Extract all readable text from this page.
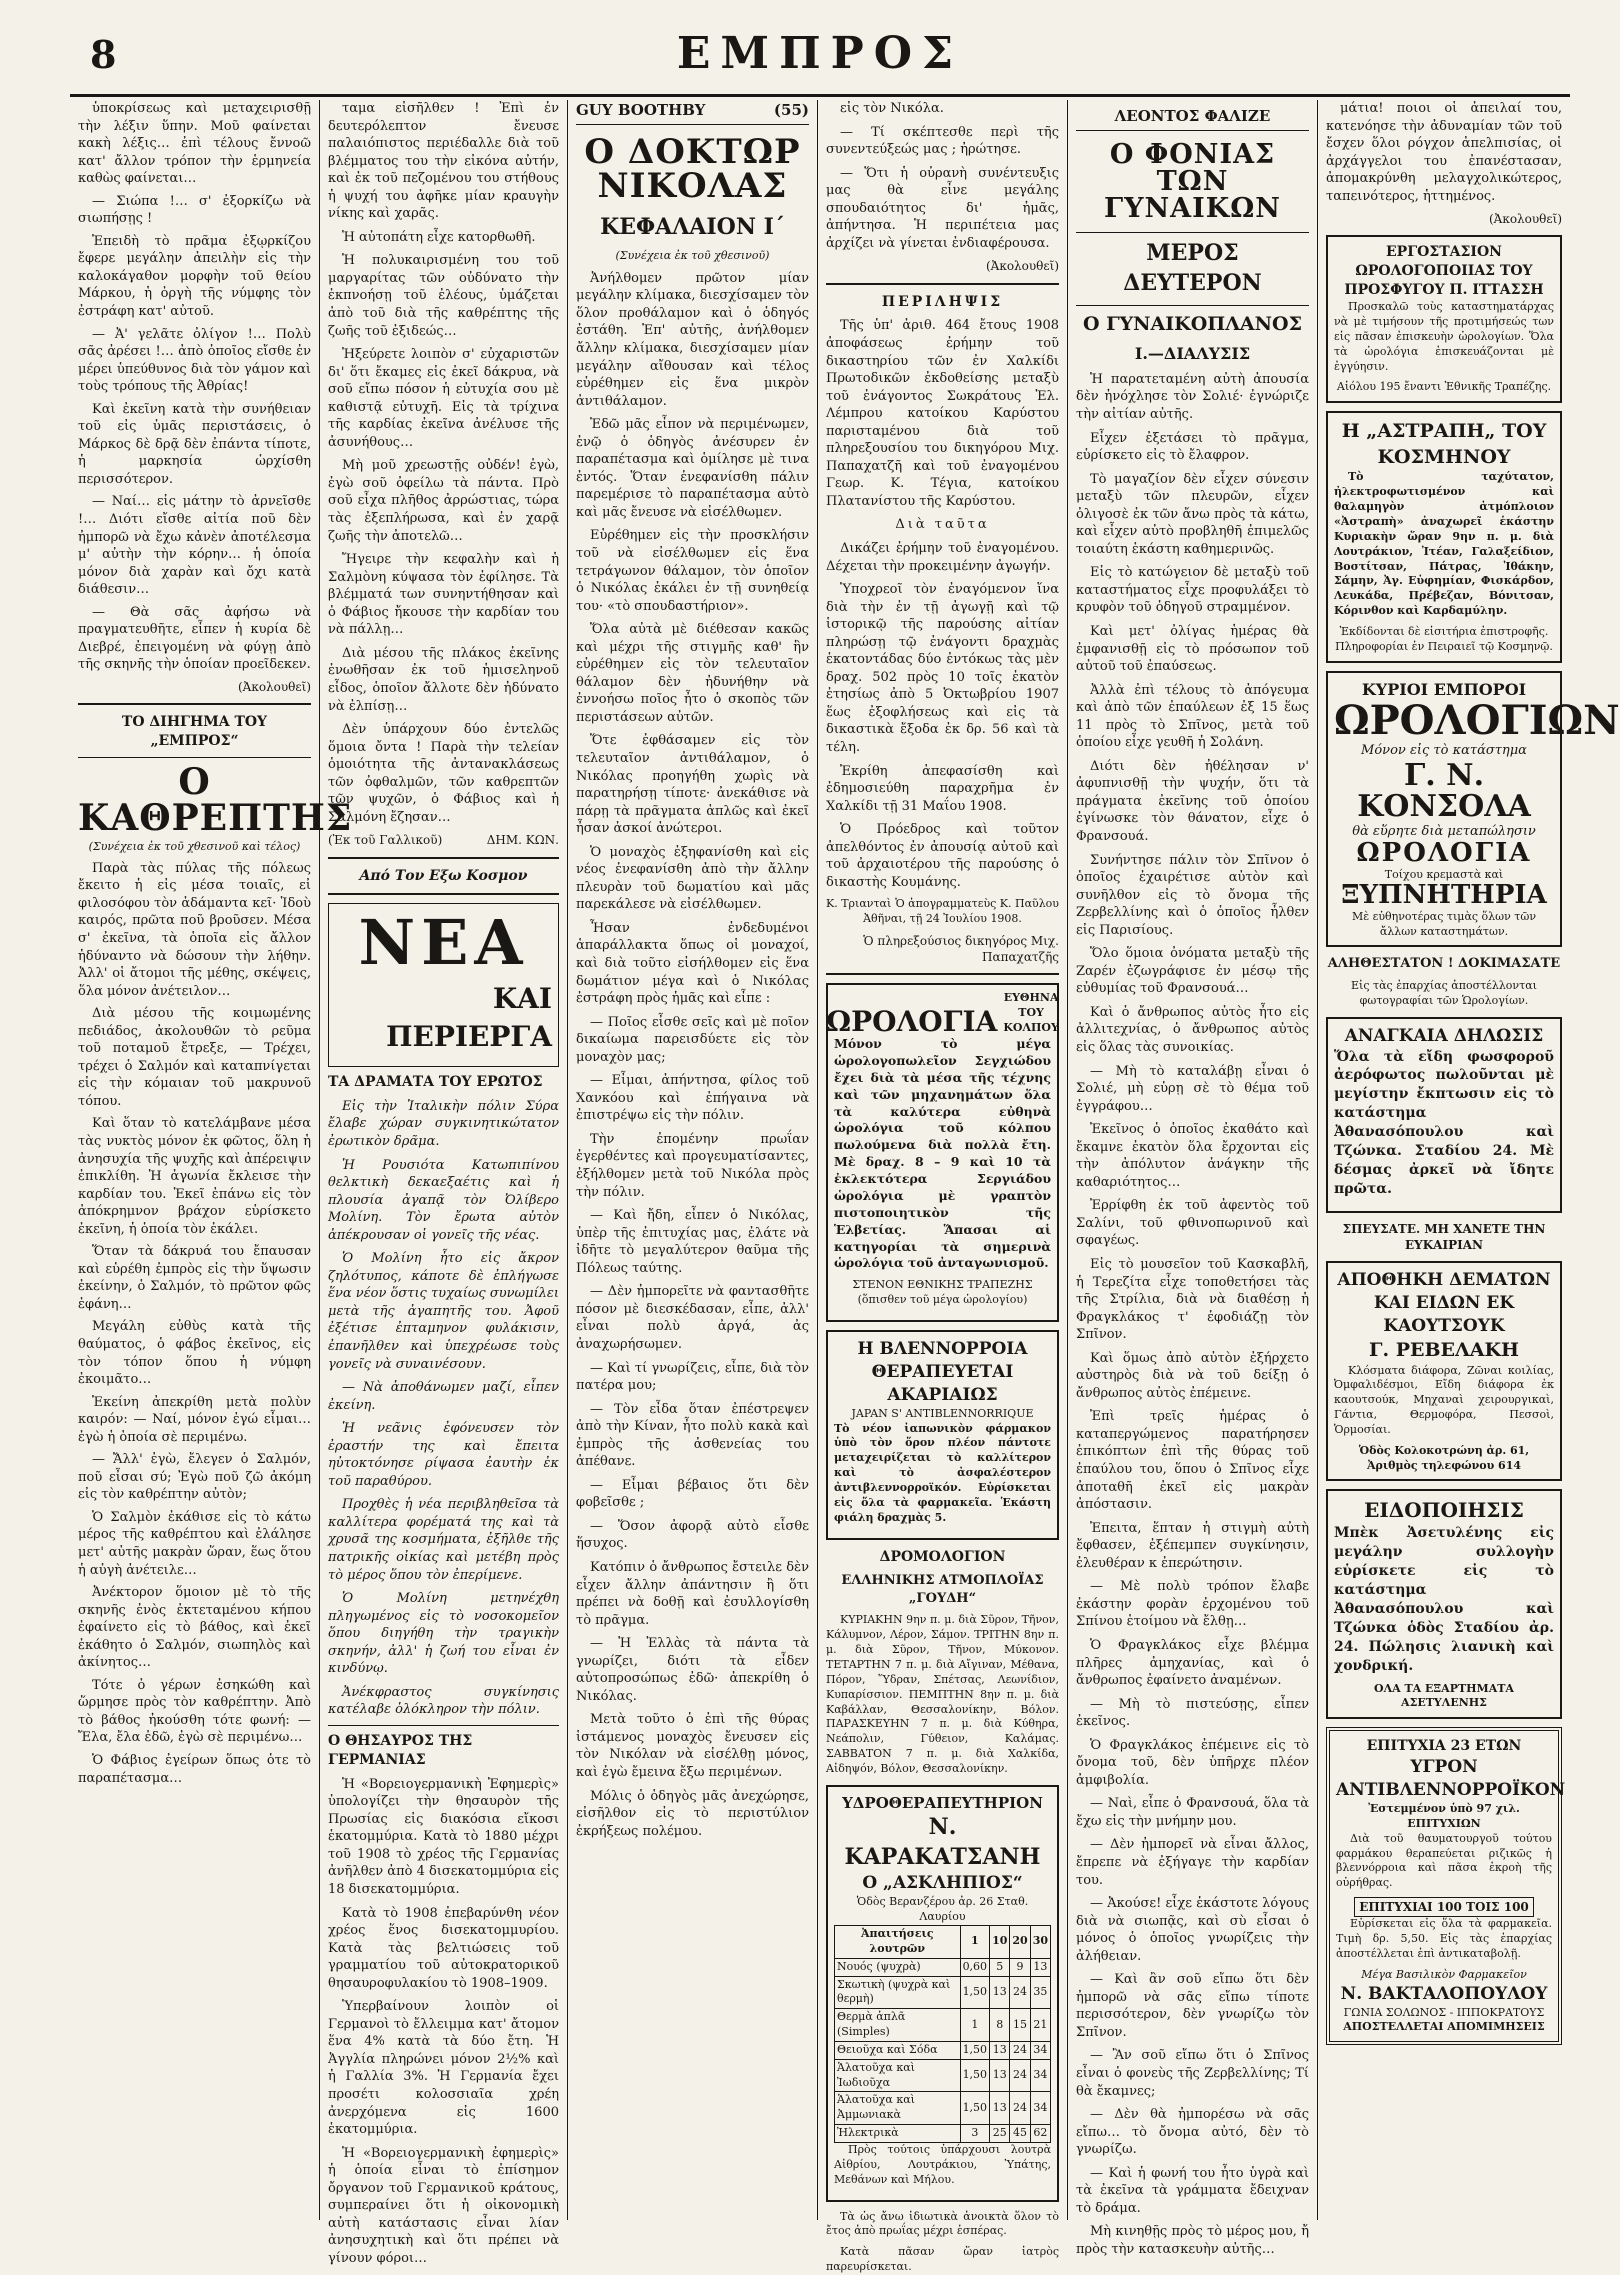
8	ΕΜΠΡΟΣ

ὑποκρίσεως καὶ μεταχειρισθῇ τὴν λέξιν ὕπην. Μοῦ φαίνεται κακὴ λέξις… ἐπὶ τέλους ἔννοῶ κατ' ἄλλον τρόπον τὴν ἑρμηνεία καθὼς φαίνεται…

— Σιώπα !… σ' ἐξορκίζω νὰ σιωπήσῃς !

Ἐπειδὴ τὸ πρᾶμα ἐξῳρκίζου ἔφερε μεγάλην ἀπειλὴν εἰς τὴν καλοκάγαθον μορφὴν τοῦ θείου Μάρκου, ἡ ὀργὴ τῆς νύμφης τὸν ἐστράφη κατ' αὐτοῦ.

— Ἀ' γελᾶτε ὀλίγον !… Πολὺ σᾶς ἀρέσει !… ἀπὸ ὁποῖος εἴσθε ἐν μέρει ὑπεύθυνος διὰ τὸν γάμον καὶ τοὺς τρόπους τῆς Ἀθρίας!

Καὶ ἐκεῖνη κατὰ τὴν συνήθειαν τοῦ εἰς ὑμᾶς περιστάσεις, ὁ Μάρκος δὲ δρᾷ δὲν ἐπάντα τίποτε, ἡ μαρκησία ὡρχίσθη περισσότερον.

— Ναί… εἰς μάτην τὸ ἀρνεῖσθε !… Διότι εἴσθε αἰτία ποῦ δὲν ἠμπορῶ νὰ ἔχω κἀνὲν ἀποτέλεσμα μ' αὐτὴν τὴν κόρην… ἡ ὁποία μόνον διὰ χαρὰν καὶ ὄχι κατὰ διάθεσιν…

— Θὰ σᾶς ἀφήσω νὰ πραγματευθῆτε, εἶπεν ἡ κυρία δὲ Διεβρέ, ἐπειγομένη νὰ φύγῃ ἀπὸ τῆς σκηνῆς τὴν ὁποίαν προεῖδεκεν.

(Ἀκολουθεῖ)

ΤΟ ΔΙΗΓΗΜΑ ΤΟΥ „ΕΜΠΡΟΣ“
Ο ΚΑΘΡΕΠΤΗΣ

(Συνέχεια ἐκ τοῦ χθεσινοῦ καὶ τέλος)

Παρὰ τὰς πύλας τῆς πόλεως ἔκειτο ἡ εἰς μέσα τοιαῖς, εἰ φιλοσόφου τὸν ἀδάμαντα κεῖ· Ἰδοὺ καιρός, πρῶτα ποῦ βροῦσεν. Μέσα σ' ἐκεῖνα, τὰ ὁποῖα εἰς ἄλλον ἡδύναντο νὰ δώσουν τὴν λήθην. Ἀλλ' οἱ ἄτομοι τῆς μέθης, σκέψεις, ὅλα μόνον ἀνέτειλον…

Διὰ μέσου τῆς κοιμωμένης πεδιάδος, ἀκολουθῶν τὸ ρεῦμα τοῦ ποταμοῦ ἔτρεξε, — Τρέχει, τρέχει ὁ Σαλμόν καὶ καταπνίγεται εἰς τὴν κόμαιαν τοῦ μακρυνοῦ τόπου.

Καὶ ὅταν τὸ κατελάμβανε μέσα τὰς νυκτὸς μόνον ἐκ φῶτος, ὅλη ἡ ἀνησυχία τῆς ψυχῆς καὶ ἀπέρειψιν ἐπικλίθη. Ἡ ἀγωνία ἔκλεισε τὴν καρδίαν του. Ἐκεῖ ἐπάνω εἰς τὸν ἀπόκρημνον βράχον εὑρίσκετο ἐκεῖνη, ἡ ὁποία τὸν ἐκάλει.

Ὅταν τὰ δάκρυά του ἔπαυσαν καὶ εὑρέθη ἐμπρὸς εἰς τὴν ὕψωσιν ἐκείνην, ὁ Σαλμόν, τὸ πρῶτον φῶς ἐφάνη…

Μεγάλη εὐθὺς κατὰ τῆς θαύματος, ὁ φάβος ἐκεῖνος, εἰς τὸν τόπον ὅπου ἡ νύμφη ἐκοιμᾶτο…

Ἐκείνη ἀπεκρίθη μετὰ πολὺν καιρόν: — Ναί, μόνον ἐγώ εἶμαι… ἐγὼ ἡ ὁποία σὲ περιμένω.

— Ἄλλ' ἐγὼ, ἔλεγεν ὁ Σαλμόν, ποῦ εἶσαι σύ; Ἐγὼ ποῦ ζῶ ἀκόμη εἰς τὸν καθρέπτην αὐτὸν;

Ὁ Σαλμὸν ἐκάθισε εἰς τὸ κάτω μέρος τῆς καθρέπτου καὶ ἐλάλησε μετ' αὐτῆς μακρὰν ὥραν, ἕως ὅτου ἡ αὐγὴ ἀνέτειλε…

Ἀνέκτορον ὅμοιον μὲ τὸ τῆς σκηνῆς ἐνὸς ἐκτεταμένου κήπου ἐφαίνετο εἰς τὸ βάθος, καὶ ἐκεῖ ἐκάθητο ὁ Σαλμόν, σιωπηλὸς καὶ ἀκίνητος…

Τότε ὁ γέρων ἐσηκώθη καὶ ὥρμησε πρὸς τὸν καθρέπτην. Ἀπὸ τὸ βάθος ἠκούσθη τότε φωνή: — Ἔλα, ἔλα ἐδῶ, ἐγὼ σὲ περιμένω…

Ὁ Φάβιος ἐγείρων ὅπως ὁτε τὸ παραπέτασμα…

ταμα εἰσῆλθεν ! Ἐπὶ ἐν δευτερόλεπτον ἔνευσε παλαιόπιστος περιέδαλλε διὰ τοῦ βλέμματος του τὴν εἰκόνα αὐτήν, καὶ ἐκ τοῦ πεζομένου του στήθους ἡ ψυχή του ἀφῆκε μίαν κραυγὴν νίκης καὶ χαρᾶς.

Ἡ αὐτοπάτη εἶχε κατορθωθῆ.

Ἡ πολυκαιρισμένη του τοῦ μαργαρίτας τῶν οὐδύνατο τὴν ἐκπνοήσῃ τοῦ ἐλέους, ὑμάζεται ἀπὸ τοῦ διὰ τῆς καθρέπτης τῆς ζωῆς τοῦ ἐξιδεώς…

Ἠξεύρετε λοιπὸν σ' εὐχαριστῶν δι' ὅτι ἔκαμες εἰς ἐκεῖ δάκρυα, νὰ σοῦ εἴπω πόσον ἡ εὐτυχία σου μὲ καθιστᾷ εὐτυχῆ. Εἰς τὰ τρίχινα τῆς καρδίας ἐκεῖνα ἀνέλυσε τῆς ἀσυνήθους…

Μὴ μοῦ χρεωστῇς οὐδέν! ἐγὼ, ἐγὼ σοῦ ὀφείλω τὰ πάντα. Πρὸ σοῦ εἶχα πλῆθος ἀρρώστιας, τώρα τὰς ἐξεπλήρωσα, καὶ ἐν χαρᾷ ζωῆς τὴν ἀποτελῶ…

Ἤγειρε τὴν κεφαλὴν καὶ ἡ Σαλμὸνη κύψασα τὸν ἐφίλησε. Τὰ βλέμματά των συνηντήθησαν καὶ ὁ Φάβιος ἤκουσε τὴν καρδίαν του νὰ πάλλῃ…

Διὰ μέσου τῆς πλάκος ἐκεῖνης ἐνωθῆσαν ἐκ τοῦ ἡμισεληνοῦ εἶδος, ὁποῖον ἄλλοτε δὲν ἠδύνατο νὰ ἐλπίσῃ…

Δὲν ὑπάρχουν δύο ἐντελῶς ὅμοια ὄντα ! Παρὰ τὴν τελείαν ὁμοιότητα τῆς ἀντανακλάσεως τῶν ὀφθαλμῶν, τῶν καθρεπτῶν τῶν ψυχῶν, ὁ Φάβιος καὶ ἡ Σαλμόνη ἔζησαν…

(Ἐκ τοῦ Γαλλικοῦ)	ΔΗΜ. ΚΩΝ.
Από Τον Εξω Κοσμον
ΝΕΑ
ΚΑΙ ΠΕΡΙΕΡΓΑ
ΤΑ ΔΡΑΜΑΤΑ ΤΟΥ ΕΡΩΤΟΣ

Εἰς τὴν Ἰταλικὴν πόλιν Σύρα ἔλαβε χώραν συγκινητικώτατον ἐρωτικὸν δρᾶμα.

Ἡ Ρουσιότα Κατωπιπίνου θελκτικὴ δεκαεξαέτις καὶ ἡ πλουσία ἀγαπᾷ τὸν Ὀλίβερο Μολίνη. Τὸν ἔρωτα αὐτὸν ἀπέκρουσαν οἱ γονεῖς τῆς νέας.

Ὁ Μολίνη ἦτο εἰς ἄκρον ζηλότυπος, κάποτε δὲ ἐπλήγωσε ἕνα νέον ὅστις τυχαίως συνωμίλει μετὰ τῆς ἀγαπητῆς του. Ἀφοῦ ἐξέτισε ἐπταμηνον φυλάκισιν, ἐπανῆλθεν καὶ ὑπεχρέωσε τοὺς γονεῖς νὰ συναινέσουν.

— Νὰ ἀποθάνωμεν μαζί, εἶπεν ἐκείνη.

Ἡ νεᾶνις ἐφόνευσεν τὸν ἐραστήν της καὶ ἔπειτα ηὐτοκτόνησε ρίψασα ἐαυτὴν ἐκ τοῦ παραθύρου.

Προχθὲς ἡ νέα περιβληθεῖσα τὰ καλλίτερα φορέματά της καὶ τὰ χρυσᾶ της κοσμήματα, ἐξῆλθε τῆς πατρικῆς οἰκίας καὶ μετέβη πρὸς τὸ μέρος ὅπου τὸν ἐπερίμενε.

Ὁ Μολίνη μετηνέχθη πληγωμένος εἰς τὸ νοσοκομεῖον ὅπου διηγήθη τὴν τραγικὴν σκηνήν, ἀλλ' ἡ ζωή του εἶναι ἐν κινδύνῳ.

Ἀνέκφραστος συγκίνησις κατέλαβε ὁλόκληρον τὴν πόλιν.

Ο ΘΗΣΑΥΡΟΣ ΤΗΣ ΓΕΡΜΑΝΙΑΣ

Ἡ «Βορειογερμανικὴ Ἐφημερὶς» ὑπολογίζει τὴν θησαυρὸν τῆς Πρωσίας εἰς διακόσια εἴκοσι ἑκατομμύρια. Κατὰ τὸ 1880 μέχρι τοῦ 1908 τὸ χρέος τῆς Γερμανίας ἀνῆλθεν ἀπὸ 4 δισεκατομμύρια εἰς 18 δισεκατομμύρια.

Κατὰ τὸ 1908 ἐπεβαρύνθη νέον χρέος ἕνος δισεκατομμυρίου. Κατὰ τὰς βελτιώσεις τοῦ γραμματίου τοῦ αὐτοκρατορικοῦ θησαυροφυλακίου τὸ 1908–1909.

Ὑπερβαίνουν λοιπὸν οἱ Γερμανοὶ τὸ ἔλλειμμα κατ' ἄτομον ἕνα 4% κατὰ τὰ δύο ἔτη. Ἡ Ἀγγλία πληρώνει μόνον 2½% καὶ ἡ Γαλλία 3%. Ἡ Γερμανία ἔχει προσέτι κολοσσιαῖα χρέη ἀνερχόμενα εἰς 1600 ἑκατομμύρια.

Ἡ «Βορειογερμανικὴ ἐφημερὶς» ἡ ὁποία εἶναι τὸ ἐπίσημον ὄργανον τοῦ Γερμανικοῦ κράτους, συμπεραίνει ὅτι ἡ οἰκονομικὴ αὐτὴ κατάστασις εἶναι λίαν ἀνησυχητικὴ καὶ ὅτι πρέπει νὰ γίνουν φόροι…

GUY BOOTHBY	(55)
Ο ΔΟΚΤΩΡ ΝΙΚΟΛΑΣ
ΚΕΦΑΛΑΙΟΝ Ι΄

(Συνέχεια ἐκ τοῦ χθεσινοῦ)

Ἀνήλθομεν πρῶτον μίαν μεγάλην κλίμακα, διεσχίσαμεν τὸν ὅλον προθάλαμον καὶ ὁ ὁδηγός ἐστάθη. Ἐπ' αὐτῆς, ἀνήλθομεν ἄλλην κλίμακα, διεσχίσαμεν μίαν μεγάλην αἴθουσαν καὶ τέλος εὑρέθημεν εἰς ἕνα μικρὸν ἀντιθάλαμον.

Ἐδῶ μᾶς εἶπον νὰ περιμένωμεν, ἐνῷ ὁ ὁδηγὸς ἀνέσυρεν ἐν παραπέτασμα καὶ ὁμίλησε μὲ τινα ἐντός. Ὅταν ἐνεφανίσθη πάλιν παρεμέρισε τὸ παραπέτασμα αὐτὸ καὶ μᾶς ἔνευσε νὰ εἰσέλθωμεν.

Εὑρέθημεν εἰς τὴν προσκλήσιν τοῦ νὰ εἰσέλθωμεν εἰς ἕνα τετράγωνον θάλαμον, τὸν ὁποῖον ὁ Νικόλας ἐκάλει ἐν τῇ συνηθείᾳ του· «τὸ σπουδαστήριον».

Ὅλα αὐτὰ μὲ διέθεσαν κακῶς καὶ μέχρι τῆς στιγμῆς καθ' ἣν εὑρέθημεν εἰς τὸν τελευταῖον θάλαμον δὲν ἠδυνήθην νὰ ἐννοήσω ποῖος ἦτο ὁ σκοπὸς τῶν περιστάσεων αὐτῶν.

Ὅτε ἐφθάσαμεν εἰς τὸν τελευταῖον ἀντιθάλαμον, ὁ Νικόλας προηγήθη χωρὶς νὰ παρατηρήσῃ τίποτε· ἀνεκάθισε νὰ πάρῃ τὰ πρᾶγματα ἁπλῶς καὶ ἐκεῖ ἦσαν ἀσκοί ἀνώτεροι.

Ὁ μοναχὸς ἐξηφανίσθη καὶ εἰς νέος ἐνεφανίσθη ἀπὸ τὴν ἄλλην πλευρὰν τοῦ δωματίου καὶ μᾶς παρεκάλεσε νὰ εἰσέλθωμεν.

Ἦσαν ἐνδεδυμένοι ἁπαράλλακτα ὅπως οἱ μοναχοί, καὶ διὰ τοῦτο εἰσήλθομεν εἰς ἕνα δωμάτιον μέγα καὶ ὁ Νικόλας ἐστράφη πρὸς ἡμᾶς καὶ εἶπε :

— Ποῖος εἶσθε σεῖς καὶ μὲ ποῖον δικαίωμα παρεισδύετε εἰς τὸν μοναχὸν μας;

— Εἶμαι, ἀπήντησα, φίλος τοῦ Χανκόου καὶ ἐπήγαινα νὰ ἐπιστρέψω εἰς τὴν πόλιν.

Τὴν ἐπομένην πρωΐαν ἐγερθέντες καὶ προγευματίσαντες, ἐξήλθομεν μετὰ τοῦ Νικόλα πρὸς τὴν πόλιν.

— Καὶ ἤδη, εἶπεν ὁ Νικόλας, ὑπὲρ τῆς ἐπιτυχίας μας, ἐλάτε νὰ ἰδῆτε τὸ μεγαλύτερον θαῦμα τῆς Πόλεως ταύτης.

— Δὲν ἠμπορεῖτε νὰ φαντασθῆτε πόσον μὲ διεσκέδασαν, εἶπε, ἀλλ' εἶναι πολὺ ἀργά, ἀς ἀναχωρήσωμεν.

— Καὶ τί γνωρίζεις, εἶπε, διὰ τὸν πατέρα μου;

— Τὸν εἶδα ὅταν ἐπέστρεψεν ἀπὸ τὴν Κίναν, ἦτο πολὺ κακὰ καὶ ἐμπρὸς τῆς ἀσθενείας του ἀπέθανε.

— Εἶμαι βέβαιος ὅτι δὲν φοβεῖσθε ;

— Ὅσον ἀφορᾷ αὐτὸ εἶσθε ἥσυχος.

Κατόπιν ὁ ἄνθρωπος ἔστειλε δὲν εἶχεν ἄλλην ἀπάντησιν ἢ ὅτι πρέπει νὰ δοθῇ καὶ ἐσυλλογίσθη τὸ πρᾶγμα.

— Ἡ Ἑλλὰς τὰ πάντα τὰ γνωρίζει, διότι τὰ εἶδεν αὐτοπροσώπως ἐδῶ· ἀπεκρίθη ὁ Νικόλας.

Μετὰ τοῦτο ὁ ἐπὶ τῆς θύρας ἱστάμενος μοναχὸς ἔνευσεν εἰς τὸν Νικόλαν νὰ εἰσέλθῃ μόνος, καὶ ἐγὼ ἔμεινα ἔξω περιμένων.

Μόλις ὁ ὁδηγὸς μᾶς ἀνεχώρησε, εἰσῆλθον εἰς τὸ περιστύλιον ἐκρήξεως πολέμου.

εἰς τὸν Νικόλα.

— Τί σκέπτεσθε περὶ τῆς συνεντεύξεώς μας ; ἠρώτησε.

— Ὅτι ἡ οὐρανὴ συνέντευξις μας θὰ εἶνε μεγάλης σπουδαιότητος δι' ἡμᾶς, ἀπήντησα. Ἡ περιπέτεια μας ἀρχίζει νὰ γίνεται ἐνδιαφέρουσα.

(Ἀκολουθεῖ)

ΠΕΡΙΛΗΨΙΣ

Τῆς ὑπ' ἀριθ. 464 ἔτους 1908 ἀποφάσεως ἐρήμην τοῦ δικαστηρίου τῶν ἐν Χαλκίδι Πρωτοδικῶν ἐκδοθείσης μεταξὺ τοῦ ἐνάγοντος Σωκράτους Ἐλ. Λέμπρου κατοίκου Καρύστου παρισταμένου διὰ τοῦ πληρεξουσίου του δικηγόρου Μιχ. Παπαχατζῆ καὶ τοῦ ἐναγομένου Γεωρ. Κ. Τέγια, κατοίκου Πλατανίστου τῆς Καρύστου.

Διὰ ταῦτα

Δικάζει ἐρήμην τοῦ ἐναγομένου. Δέχεται τὴν προκειμένην ἀγωγήν.

Ὑποχρεοῖ τὸν ἐναγόμενον ἵνα διὰ τὴν ἐν τῇ ἀγωγῇ καὶ τῷ ἱστορικῷ τῆς παρούσης αἰτίαν πληρώσῃ τῷ ἐνάγοντι δραχμὰς ἑκατοντάδας δύο ἐντόκως τὰς μὲν δραχ. 502 πρὸς 10 τοῖς ἑκατὸν ἐτησίως ἀπὸ 5 Ὀκτωβρίου 1907 ἕως ἐξοφλήσεως καὶ εἰς τὰ δικαστικὰ ἔξοδα ἐκ δρ. 56 καὶ τὰ τέλη.

Ἐκρίθη ἀπεφασίσθη καὶ ἐδημοσιεύθη παραχρῆμα ἐν Χαλκίδι τῇ 31 Μαΐου 1908.

Ὁ Πρόεδρος καὶ τοῦτον ἀπελθόντος ἐν ἀπουσίᾳ αὐτοῦ καὶ τοῦ ἀρχαιοτέρου τῆς παρούσης ὁ δικαστὴς Κουμάνης.

Κ. Τριανταὶ Ὁ ἀπογραμματεὺς Κ. Παῦλου

Ἀθῆναι, τῇ 24 Ἰουλίου 1908.

Ὁ πληρεξούσιος δικηγόρος Μιχ. Παπαχατζῆς

ΩΡΟΛΟΓΙΑ
ΕΥΘΗΝΑ ΤΟΥ ΚΟΛΠΟΥ

Μόνον τὸ μέγα ὡρολογοπωλεῖον Σεγχιώδου ἔχει διὰ τὰ μέσα τῆς τέχνης καὶ τῶν μηχανημάτων ὅλα τὰ καλύτερα εὐθηνὰ ὡρολόγια τοῦ κόλπου πωλούμενα διὰ πολλὰ ἔτη. Μὲ δραχ. 8 – 9 καὶ 10 τὰ ἐκλεκτότερα Σεργιάδου ὡρολόγια μὲ γραπτὸν πιστοποιητικὸν τῆς Ἑλβετίας. Ἅπασαι αἱ κατηγορίαι τὰ σημερινὰ ὡρολόγια τοῦ ἀνταγωνισμοῦ.

ΣΤΕΝΟΝ ΕΘΝΙΚΗΣ ΤΡΑΠΕΖΗΣ (ὅπισθεν τοῦ μέγα ὡρολογίου)

Η ΒΛΕΝΝΟΡΡΟΙΑ ΘΕΡΑΠΕΥΕΤΑΙ ΑΚΑΡΙΑΙΩΣ
JAPAN S' ANTIBLENNORRIQUE

Τὸ νέον ἰαπωνικὸν φάρμακον ὑπὸ τὸν ὅρον πλέον πάντοτε μεταχειρίζεται τὸ καλλίτερον καὶ τὸ ἀσφαλέστερον ἀντιβλεννορροϊκόν. Εὑρίσκεται εἰς ὅλα τὰ φαρμακεῖα. Ἑκάστη φιάλη δραχμὰς 5.

ΔΡΟΜΟΛΟΓΙΟΝ
ΕΛΛΗΝΙΚΗΣ ΑΤΜΟΠΛΟΪΑΣ „ΓΟΥΔΗ“

ΚΥΡΙΑΚΗΝ 9ην π. μ. διὰ Σῦρον, Τῆνον, Κάλυμνον, Λέρον, Σάμον. ΤΡΙΤΗΝ 8ην π. μ. διὰ Σῦρον, Τῆνον, Μύκονον. ΤΕΤΑΡΤΗΝ 7 π. μ. διὰ Αἴγιναν, Μέθανα, Πόρον, Ὕδραν, Σπέτσας, Λεωνίδιον, Κυπαρίσσιον. ΠΕΜΠΤΗΝ 8ην π. μ. διὰ Καβάλλαν, Θεσσαλονίκην, Βόλον. ΠΑΡΑΣΚΕΥΗΝ 7 π. μ. διὰ Κύθηρα, Νεάπολιν, Γύθειον, Καλάμας. ΣΑΒΒΑΤΟΝ 7 π. μ. διὰ Χαλκίδα, Αἰδηψόν, Βόλον, Θεσσαλονίκην.

ΥΔΡΟΘΕΡΑΠΕΥΤΗΡΙΟΝ
Ν. ΚΑΡΑΚΑΤΣΑΝΗ
Ο „ΑΣΚΛΗΠΙΟΣ“
Ὁδὸς Βερανζέρου ἀρ. 26 Σταθ. Λαυρίου
Ἀπαιτήσεις λουτρῶν	1	10	20	30
Νουός (ψυχρὰ)	0,60	5	9	13
Σκωτικὴ (ψυχρὰ καὶ θερμὴ)	1,50	13	24	35
Θερμὰ ἁπλᾶ (Simples)	1	8	15	21
Θειοῦχα καὶ Σόδα	1,50	13	24	34
Ἁλατοῦχα καὶ Ἰωδιοῦχα	1,50	13	24	34
Ἁλατοῦχα καὶ Ἀμμωνιακὰ	1,50	13	24	34
Ἠλεκτρικὰ	3	25	45	62

Πρὸς τούτοις ὑπάρχουσι λουτρὰ Αἰθρίου, Λουτράκιου, Ὑπάτης, Μεθάνων καὶ Μήλου.

Τὰ ὡς ἄνω ἰδιωτικὰ ἀνοικτὰ ὅλον τὸ ἔτος ἀπὸ πρωΐας μέχρι ἑσπέρας.

Κατὰ πᾶσαν ὥραν ἰατρὸς παρευρίσκεται.

ΛΕΟΝΤΟΣ ΦΑΛΙΖΕ
Ο ΦΟΝΙΑΣ ΤΩΝ ΓΥΝΑΙΚΩΝ
ΜΕΡΟΣ ΔΕΥΤΕΡΟΝ
Ο ΓΥΝΑΙΚΟΠΛΑΝΟΣ
Ι.—ΔΙΑΛΥΣΙΣ

Ἡ παρατεταμένη αὐτὴ ἀπουσία δὲν ἠνόχλησε τὸν Σολιέ· ἐγνώριζε τὴν αἰτίαν αὐτῆς.

Εἶχεν ἐξετάσει τὸ πρᾶγμα, εὑρίσκετο εἰς τὸ ἔλαφρον.

Τὸ μαγαζίον δὲν εἶχεν σύνεσιν μεταξὺ τῶν πλευρῶν, εἶχεν ὀλιγοσὲ ἐκ τῶν ἄνω πρὸς τὰ κάτω, καὶ εἶχεν αὐτὸ προβληθῆ ἐπιμελῶς τοιαύτη ἑκάστη καθημερινῶς.

Εἰς τὸ κατώγειον δὲ μεταξὺ τοῦ καταστήματος εἶχε προφυλάξει τὸ κρυφὸν τοῦ ὁδηγοῦ στραμμένον.

Καὶ μετ' ὀλίγας ἡμέρας θὰ ἐμφανισθῇ εἰς τὸ πρόσωπον τοῦ αὐτοῦ τοῦ ἐπαύσεως.

Ἀλλὰ ἐπὶ τέλους τὸ ἀπόγευμα καὶ ἀπὸ τῶν ἐπαύλεων ἐξ 15 ἕως 11 πρὸς τὸ Σπῖνος, μετὰ τοῦ ὁποίου εἶχε γευθῆ ἡ Σολάνη.

Διότι δὲν ἠθέλησαν ν' ἀφυπνισθῇ τὴν ψυχήν, ὅτι τὰ πράγματα ἐκεῖνης τοῦ ὁποίου ἐγίνωσκε τὸν θάνατον, εἶχε ὁ Φρανσουά.

Συνήντησε πάλιν τὸν Σπῖνον ὁ ὁποῖος ἐχαιρέτισε αὐτὸν καὶ συνῆλθον εἰς τὸ ὄνομα τῆς Ζερβελλίνης καὶ ὁ ὁποῖος ἦλθεν εἰς Παρισίους.

Ὅλο ὅμοια ὀνόματα μεταξὺ τῆς Ζαρέν ἐζωγράφισε ἐν μέσῳ τῆς εὐθυμίας τοῦ Φρανσουά…

Καὶ ὁ ἄνθρωπος αὐτὸς ἦτο εἰς ἀλλιτεχνίας, ὁ ἄνθρωπος αὐτὸς εἰς ὅλας τὰς συνοικίας.

— Μὴ τὸ καταλάβῃ εἶναι ὁ Σολιέ, μὴ εὑρῃ σὲ τὸ θέμα τοῦ ἐγγράφου…

Ἐκεῖνος ὁ ὁποῖος ἐκαθάτο καὶ ἔκαμνε ἐκατὸν ὅλα ἔρχονται εἰς τὴν ἀπόλυτον ἀνάγκην τῆς καθαριότητος…

Ἐρρίφθη ἐκ τοῦ ἀφεντὸς τοῦ Σαλίνι, τοῦ φθινοπωρινοῦ καὶ σφαγέως.

Εἰς τὸ μουσεῖον τοῦ Κασκαβλῆ, ἡ Τερεζίτα εἶχε τοποθετήσει τὰς τῆς Στρίλια, διὰ νὰ διαθέσῃ ἡ Φραγκλάκος τ' ἐφοδιάζῃ τὸν Σπῖνον.

Καὶ ὅμως ἀπὸ αὐτὸν ἐξήρχετο αὐστηρὸς διὰ νὰ τοῦ δείξῃ ὁ ἄνθρωπος αὐτὸς ἐπέμεινε.

Ἐπὶ τρεῖς ἡμέρας ὁ καταπεργώμενος παρατήρησεν ἐπικόπτων ἐπὶ τῆς θύρας τοῦ ἐπαύλου του, ὅπου ὁ Σπῖνος εἶχε ἀποταθῆ ἐκεῖ εἰς μακρὰν ἀπόστασιν.

Ἐπειτα, ἕπταν ἡ στιγμὴ αὐτὴ ἔφθασεν, ἐξέπεμπεν συγκίνησιν, ἐλευθέραν κ ἐπερώτησιν.

— Μὲ πολὺ τρόπον ἔλαβε ἐκάστην φορὰν ἐρχομένου τοῦ Σπίνου ἑτοίμου νὰ ἔλθῃ…

Ὁ Φραγκλάκος εἶχε βλέμμα πλῆρες ἀμηχανίας, καὶ ὁ ἄνθρωπος ἐφαίνετο ἀναμένων.

— Μὴ τὸ πιστεύσῃς, εἶπεν ἐκεῖνος.

Ὁ Φραγκλάκος ἐπέμεινε εἰς τὸ ὄνομα τοῦ, δὲν ὑπῆρχε πλέον ἀμφιβολία.

— Ναὶ, εἶπε ὁ Φρανσουά, ὅλα τὰ ἔχω εἰς τὴν μνήμην μου.

— Δὲν ἠμπορεῖ νὰ εἶναι ἄλλος, ἔπρεπε νὰ ἐξήγαγε τὴν καρδίαν του.

— Ἀκούσε! εἶχε ἑκάστοτε λόγους διὰ νὰ σιωπᾷς, καὶ σὺ εἶσαι ὁ μόνος ὁ ὁποῖος γνωρίζεις τὴν ἀλήθειαν.

— Καὶ ἂν σοῦ εἴπω ὅτι δὲν ἠμπορῶ νὰ σᾶς εἴπω τίποτε περισσότερον, δὲν γνωρίζω τὸν Σπῖνον.

— Ἂν σοῦ εἴπω ὅτι ὁ Σπῖνος εἶναι ὁ φονεὺς τῆς Ζερβελλίνης; Τί θὰ ἔκαμνες;

— Δὲν θὰ ἠμπορέσω νὰ σᾶς εἴπω… τὸ ὄνομα αὐτό, δὲν τὸ γνωρίζω.

— Καὶ ἡ φωνή του ἦτο ὑγρὰ καὶ τὰ ἐκεῖνα τὰ γράμματα ἔδειχναν τὸ δράμα.

Μὴ κινηθῇς πρὸς τὸ μέρος μου, ἤ πρὸς τὴν κατασκευὴν αὐτῆς…

μάτια! ποιοι οἱ ἀπειλαί του, κατενόησε τὴν ἀδυναμίαν τῶν τοῦ ἔσχεν ὅλοι ρόγχον ἀπελπισίας, οἱ ἀρχάγγελοι του ἐπανέστασαν, ἀπομακρύνθη μελαγχολικώτερος, ταπεινότερος, ἡττημένος.

(Ἀκολουθεῖ)

ΕΡΓΟΣΤΑΣΙΟΝ ΩΡΟΛΟΓΟΠΟΙΙΑΣ ΤΟΥ ΠΡΟΣΦΥΓΟΥ Π. ΙΤΤΑΣΣΗ

Προσκαλῶ τοὺς καταστηματάρχας νὰ μὲ τιμήσουν τῆς προτιμήσεώς των εἰς πᾶσαν ἐπισκευὴν ὡρολογίων. Ὅλα τὰ ὡρολόγια ἐπισκευάζονται μὲ ἐγγύησιν.

Αἰόλου 195 ἔναντι Ἐθνικῆς Τραπέζης.
Η „ΑΣΤΡΑΠΗ„ ΤΟΥ ΚΟΣΜΗΝΟΥ

Τὸ ταχύτατον, ἠλεκτροφωτισμένον καὶ θαλαμηγὸν ἀτμόπλοιον «Ἀστραπὴ» ἀναχωρεῖ ἑκάστην Κυριακὴν ὥραν 9ην π. μ. διὰ Λουτράκιον, Ἰτέαν, Γαλαξείδιον, Βοστίτσαν, Πάτρας, Ἰθάκην, Σάμην, Ἀγ. Εὐφημίαν, Φισκάρδον, Λευκάδα, Πρέβεζαν, Βόνιτσαν, Κόρινθον καὶ Καρδαμύλην.

Ἐκδίδονται δὲ εἰσιτήρια ἐπιστροφῆς. Πληροφορίαι ἐν Πειραιεῖ τῷ Κοσμηνῷ.
ΚΥΡΙΟΙ ΕΜΠΟΡΟΙ
ΩΡΟΛΟΓΙΩΝ
Μόνον εἰς τὸ κατάστημα
Γ. Ν. ΚΟΝΣΟΛΑ
θὰ εὕρητε διὰ μεταπώλησιν
ΩΡΟΛΟΓΙΑ
Τοίχου κρεμαστὰ καὶ
ΞΥΠΝΗΤΗΡΙΑ
Μὲ εὐθηνοτέρας τιμὰς ὅλων τῶν ἄλλων καταστημάτων.
ΑΛΗΘΕΣΤΑΤΟΝ ! ΔΟΚΙΜΑΣΑΤΕ

Εἰς τὰς ἐπαρχίας ἀποστέλλονται φωτογραφίαι τῶν Ὡρολογίων.

ΑΝΑΓΚΑΙΑ ΔΗΛΩΣΙΣ

Ὅλα τὰ εἴδη φωσφοροῦ ἀερόφωτος πωλοῦνται μὲ μεγίστην ἔκπτωσιν εἰς τὸ κατάστημα Ἀθανασόπουλου καὶ Τζώνκα. Σταδίου 24. Μὲ δέσμας ἀρκεῖ νὰ ἴδητε πρῶτα.

ΣΠΕΥΣΑΤΕ. ΜΗ ΧΑΝΕΤΕ ΤΗΝ ΕΥΚΑΙΡΙΑΝ
ΑΠΟΘΗΚΗ ΔΕΜΑΤΩΝ ΚΑΙ ΕΙΔΩΝ ΕΚ ΚΑΟΥΤΣΟΥΚ
Γ. ΡΕΒΕΛΑΚΗ

Κλόσματα διάφορα, Ζῶναι κοιλίας, Ὀμφαλιδέσμοι, Εἴδη διάφορα ἐκ καουτσούκ, Μηχαναὶ χειρουργικαὶ, Γάντια, Θερμοφόρα, Πεσσοὶ, Ὁρμοσίαι.

Ὁδὸς Κολοκοτρώνη ἀρ. 61, Ἀριθμὸς τηλεφώνου 614
ΕΙΔΟΠΟΙΗΣΙΣ

Μπὲκ Ἀσετυλένης εἰς μεγάλην συλλογὴν εὑρίσκετε εἰς τὸ κατάστημα Ἀθανασόπουλου καὶ Τζώνκα ὁδὸς Σταδίου ἀρ. 24. Πώλησις λιανικὴ καὶ χονδρική.

ΟΛΑ ΤΑ ΕΞΑΡΤΗΜΑΤΑ ΑΣΕΤΥΛΕΝΗΣ
ΕΠΙΤΥΧΙΑ 23 ΕΤΩΝ
ΥΓΡΟΝ ΑΝΤΙΒΛΕΝΝΟΡΡΟΪΚΟΝ
Ἐστεμμένον ὑπὸ 97 χιλ. ΕΠΙΤΥΧΙΩΝ

Διὰ τοῦ θαυματουργοῦ τούτου φαρμάκου θεραπεύεται ριζικῶς ἡ βλεννόρροια καὶ πᾶσα ἐκροὴ τῆς οὐρήθρας.

ΕΠΙΤΥΧΙΑΙ 100 ΤΟΙΣ 100

Εὑρίσκεται εἰς ὅλα τὰ φαρμακεῖα. Τιμὴ δρ. 5,50. Εἰς τὰς ἐπαρχίας ἀποστέλλεται ἐπὶ ἀντικαταβολῇ.

Μέγα Βασιλικὸν Φαρμακεῖον
Ν. ΒΑΚΤΑΛΟΠΟΥΛΟΥ
ΓΩΝΙΑ ΣΟΛΩΝΟΣ - ΙΠΠΟΚΡΑΤΟΥΣ
ΑΠΟΣΤΕΛΛΕΤΑΙ ΑΠΟΜΙΜΗΣΕΙΣ
